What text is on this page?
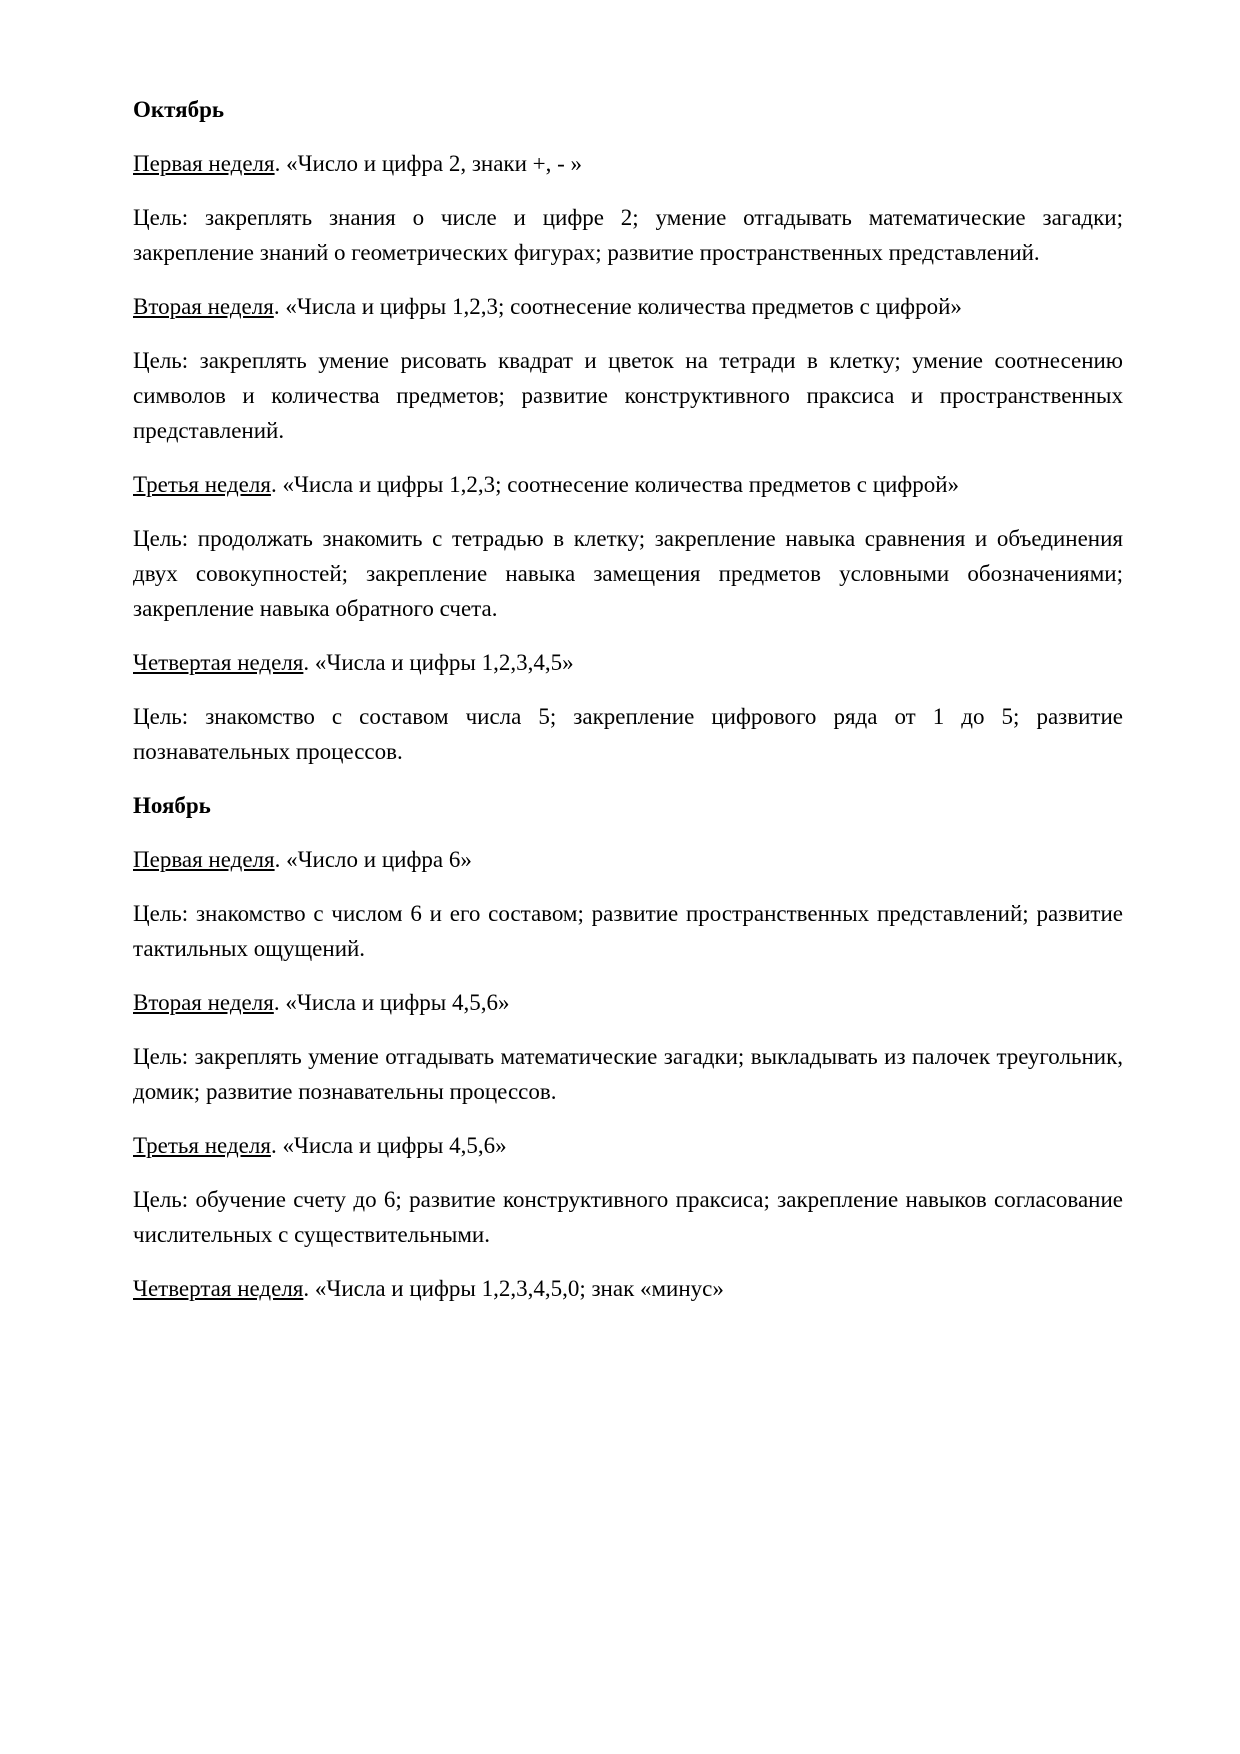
Октябрь

Первая неделя. «Число и цифра 2, знаки +, - »

Цель: закреплять знания о числе и цифре 2; умение отгадывать математические загадки; закрепление знаний о геометрических фигурах; развитие пространственных представлений.

Вторая неделя. «Числа и цифры 1,2,3; соотнесение количества предметов с цифрой»

Цель: закреплять умение рисовать квадрат и цветок на тетради в клетку; умение соотнесению символов и количества предметов; развитие конструктивного праксиса и пространственных представлений.

Третья неделя. «Числа и цифры 1,2,3; соотнесение количества предметов с цифрой»

Цель: продолжать знакомить с тетрадью в клетку; закрепление навыка сравнения и объединения двух совокупностей; закрепление навыка замещения предметов условными обозначениями; закрепление навыка обратного счета.

Четвертая неделя. «Числа и цифры 1,2,3,4,5»

Цель: знакомство с составом числа 5; закрепление цифрового ряда от 1 до 5; развитие познавательных процессов.

Ноябрь

Первая неделя. «Число и цифра 6»

Цель: знакомство с числом 6 и его составом; развитие пространственных представлений; развитие тактильных ощущений.

Вторая неделя. «Числа и цифры 4,5,6»

Цель: закреплять умение отгадывать математические загадки; выкладывать из палочек треугольник, домик; развитие познавательны процессов.

Третья неделя. «Числа и цифры 4,5,6»

Цель: обучение счету до 6; развитие конструктивного праксиса; закрепление навыков согласование числительных с существительными.

Четвертая неделя. «Числа и цифры 1,2,3,4,5,0; знак «минус»
